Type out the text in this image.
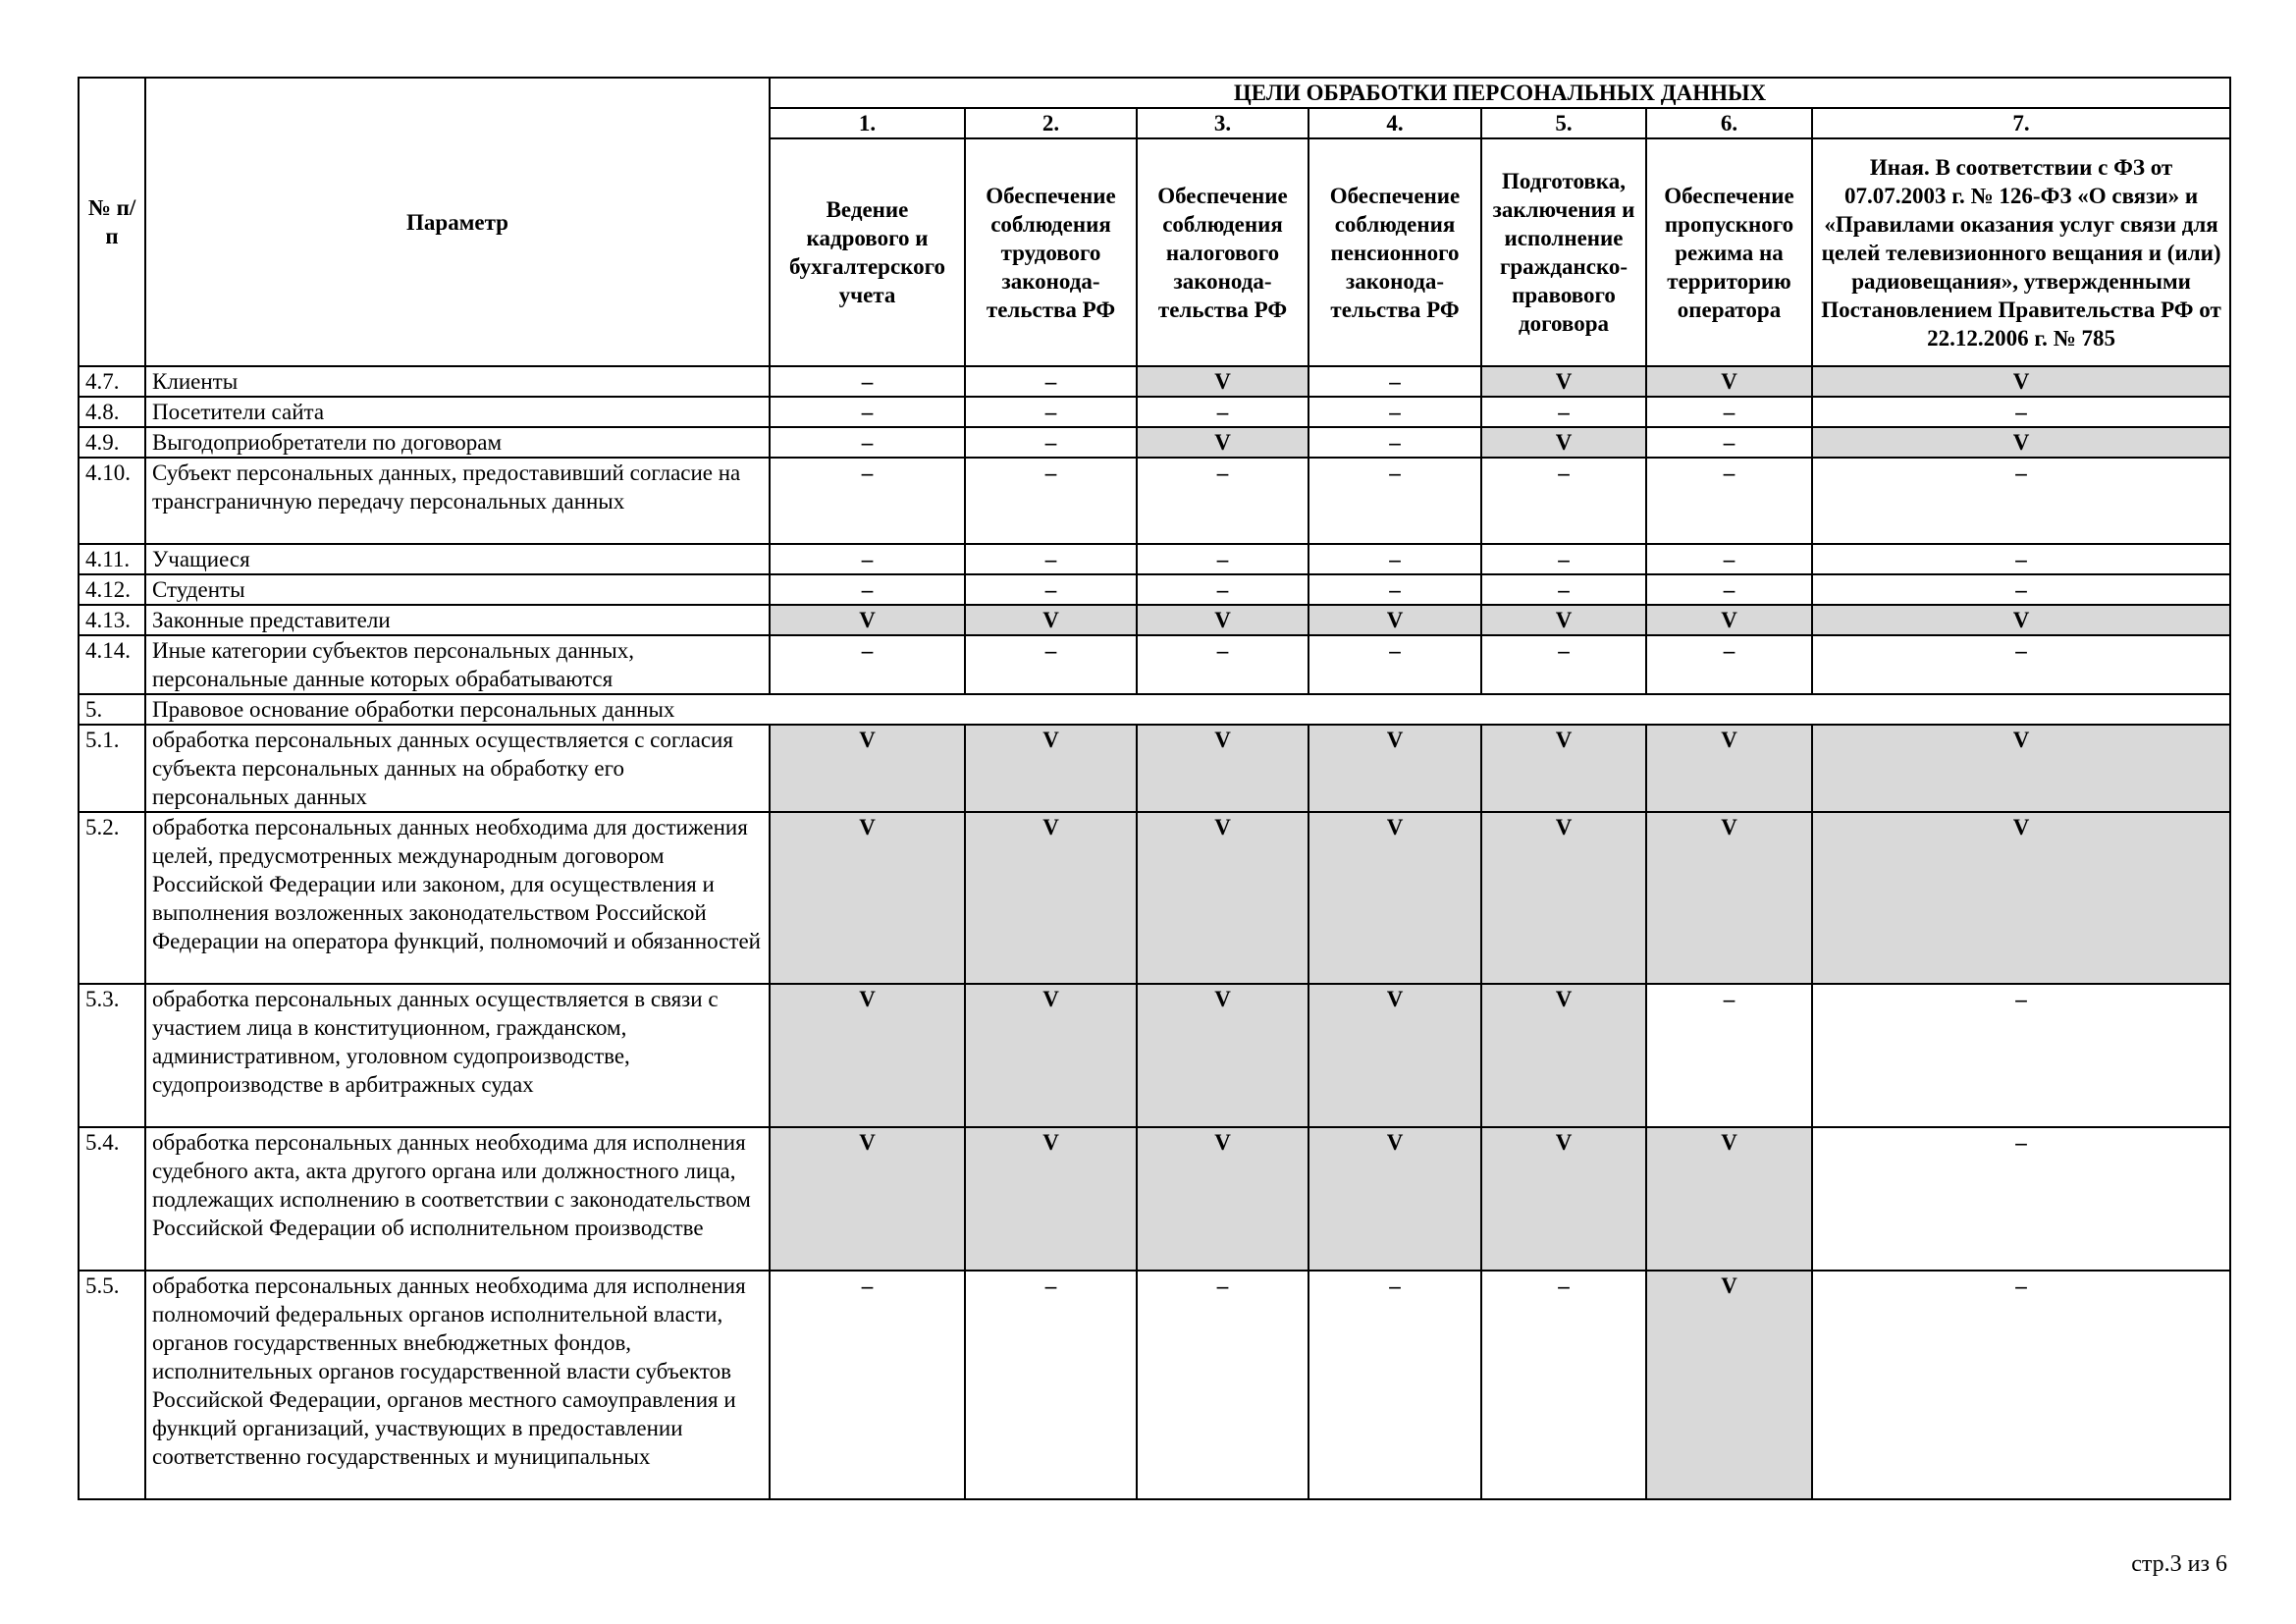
№ п/п	Параметр	ЦЕЛИ ОБРАБОТКИ ПЕРСОНАЛЬНЫХ ДАННЫХ						
		1.	2.	3.	4.	5.	6.	7.
		Ведение кадрового и бухгалтерского учета	Обеспечение соблюдения трудового законода-тельства РФ	Обеспечение соблюдения налогового законода-тельства РФ	Обеспечение соблюдения пенсионного законода-тельства РФ	Подготовка, заключения и исполнение гражданско-правового договора	Обеспечение пропускного режима на территорию оператора	Иная. В соответствии с ФЗ от 07.07.2003 г. № 126-ФЗ «О связи» и «Правилами оказания услуг связи для целей телевизионного вещания и (или) радиовещания», утвержденными Постановлением Правительства РФ от 22.12.2006 г. № 785
4.7.	Клиенты	–	–	V	–	V	V	V
4.8.	Посетители сайта	–	–	–	–	–	–	–
4.9.	Выгодоприобретатели по договорам	–	–	V	–	V	–	V
4.10.	Субъект персональных данных, предоставивший согласие на трансграничную передачу персональных данных	–	–	–	–	–	–	–
4.11.	Учащиеся	–	–	–	–	–	–	–
4.12.	Студенты	–	–	–	–	–	–	–
4.13.	Законные представители	V	V	V	V	V	V	V
4.14.	Иные категории субъектов персональных данных, персональные данные которых обрабатываются	–	–	–	–	–	–	–
5.	Правовое основание обработки персональных данных							
5.1.	обработка персональных данных осуществляется с согласия субъекта персональных данных на обработку его персональных данных	V	V	V	V	V	V	V
5.2.	обработка персональных данных необходима для достижения целей, предусмотренных международным договором Российской Федерации или законом, для осуществления и выполнения возложенных законодательством Российской Федерации на оператора функций, полномочий и обязанностей	V	V	V	V	V	V	V
5.3.	обработка персональных данных осуществляется в связи с участием лица в конституционном, гражданском, административном, уголовном судопроизводстве, судопроизводстве в арбитражных судах	V	V	V	V	V	–	–
5.4.	обработка персональных данных необходима для исполнения судебного акта, акта другого органа или должностного лица, подлежащих исполнению в соответствии с законодательством Российской Федерации об исполнительном производстве	V	V	V	V	V	V	–
5.5.	обработка персональных данных необходима для исполнения полномочий федеральных органов исполнительной власти, органов государственных внебюджетных фондов, исполнительных органов государственной власти субъектов Российской Федерации, органов местного самоуправления и функций организаций, участвующих в предоставлении соответственно государственных и муниципальных	–	–	–	–	–	V	–
стр.3 из 6
